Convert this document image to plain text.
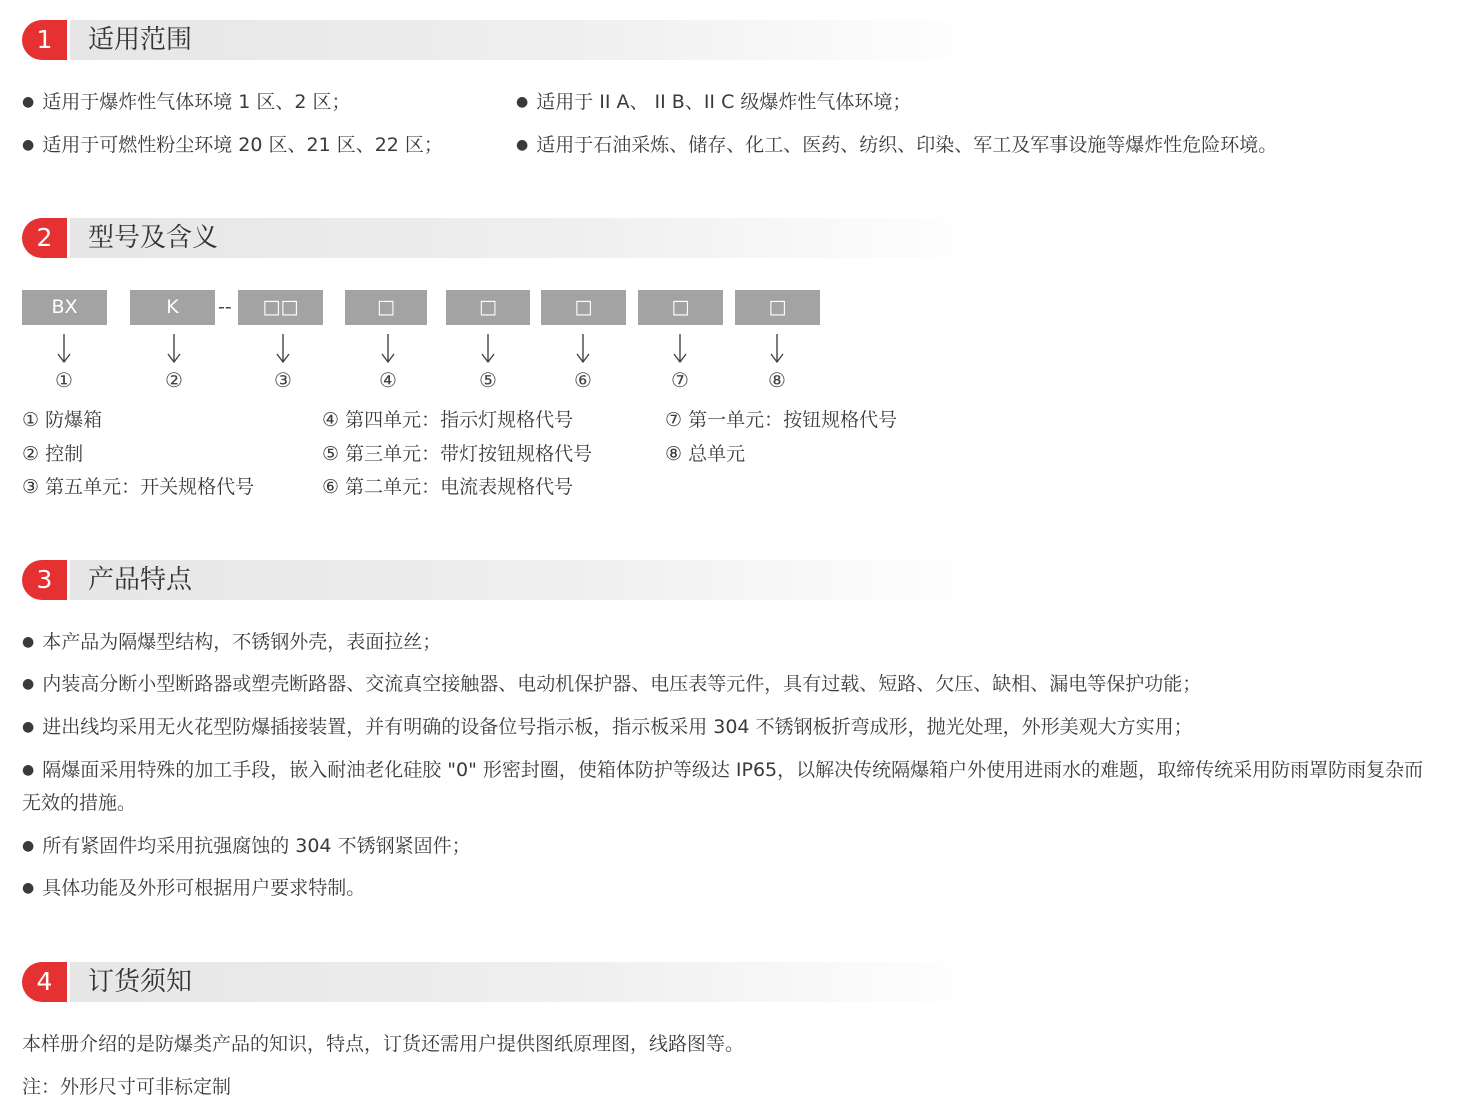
1	适用范围
● 适用于爆炸性气体环境 1 区、2 区；
● 适用于可燃性粉尘环境 20 区、21 区、22 区；
● 适用于 II A、 II B、II C 级爆炸性气体环境；
● 适用于石油采炼、储存、化工、医药、纺织、印染、军工及军事设施等爆炸性危险环境。
2	型号及含义
BX	K	--	□□	□	□	□	□	□
①	②	③	④	⑤	⑥	⑦	⑧
① 防爆箱
② 控制
③ 第五单元：开关规格代号
④ 第四单元：指示灯规格代号
⑤ 第三单元：带灯按钮规格代号
⑥ 第二单元：电流表规格代号
⑦ 第一单元：按钮规格代号
⑧ 总单元
3	产品特点
● 本产品为隔爆型结构，不锈钢外壳，表面拉丝；
● 内装高分断小型断路器或塑壳断路器、交流真空接触器、电动机保护器、电压表等元件，具有过载、短路、欠压、缺相、漏电等保护功能；
● 进出线均采用无火花型防爆插接装置，并有明确的设备位号指示板，指示板采用 304 不锈钢板折弯成形，抛光处理，外形美观大方实用；
● 隔爆面采用特殊的加工手段，嵌入耐油老化硅胶 "0" 形密封圈，使箱体防护等级达 IP65，以解决传统隔爆箱户外使用进雨水的难题，取缔传统采用防雨罩防雨复杂而无效的措施。
● 所有紧固件均采用抗强腐蚀的 304 不锈钢紧固件；
● 具体功能及外形可根据用户要求特制。
4	订货须知
本样册介绍的是防爆类产品的知识，特点，订货还需用户提供图纸原理图，线路图等。
注：外形尺寸可非标定制
